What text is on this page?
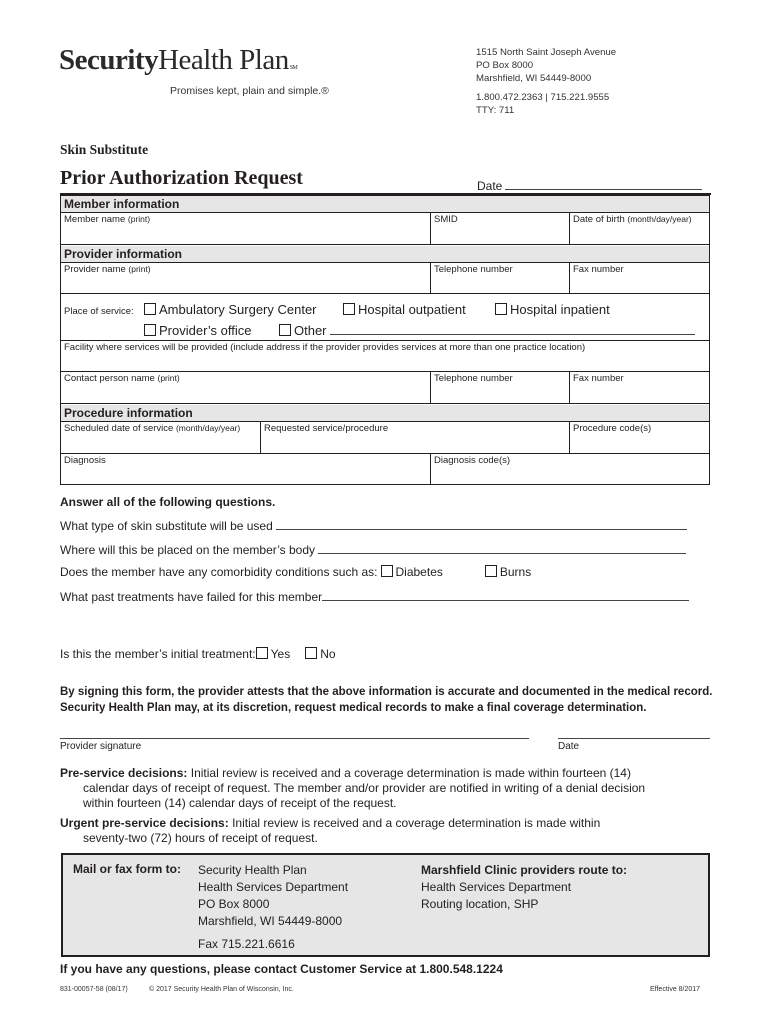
SecurityHealth PlanSM
Promises kept, plain and simple.®

1515 North Saint Joseph Avenue

PO Box 8000

Marshfield, WI 54449-8000

1.800.472.2363 | 715.221.9555

TTY: 711

Skin Substitute
Prior Authorization Request	Date
Member information
Member name (print)	SMID	Date of birth (month/day/year)
Provider information
Provider name (print)	Telephone number	Fax number
Place of service:	Ambulatory Surgery Center	Hospital outpatient	Hospital inpatient
Provider’s office	Other
Facility where services will be provided (include address if the provider provides services at more than one practice location)
Contact person name (print)	Telephone number	Fax number
Procedure information
Scheduled date of service (month/day/year)	Requested service/procedure	Procedure code(s)
Diagnosis	Diagnosis code(s)
Answer all of the following questions.
What type of skin substitute will be used
Where will this be placed on the member’s body
Does the member have any comorbidity conditions such as: Diabetes	Burns
What past treatments have failed for this member
Is this the member’s initial treatment: Yes	No
By signing this form, the provider attests that the above information is accurate and documented in the medical record. Security Health Plan may, at its discretion, request medical records to make a final coverage determination.
Provider signature	Date
Pre-service decisions: Initial review is received and a coverage determination is made within fourteen (14)
calendar days of receipt of request. The member and/or provider are notified in writing of a denial decision
within fourteen (14) calendar days of receipt of the request.
Urgent pre-service decisions: Initial review is received and a coverage determination is made within
seventy-two (72) hours of receipt of request.
Mail or fax form to: Security Health Plan

Health Services Department

PO Box 8000

Marshfield, WI 54449-8000

Fax 715.221.6616

Marshfield Clinic providers route to:

Health Services Department

Routing location, SHP

If you have any questions, please contact Customer Service at 1.800.548.1224
831-00057-58 (08/17)	© 2017 Security Health Plan of Wisconsin, Inc.	Effective 8/2017
